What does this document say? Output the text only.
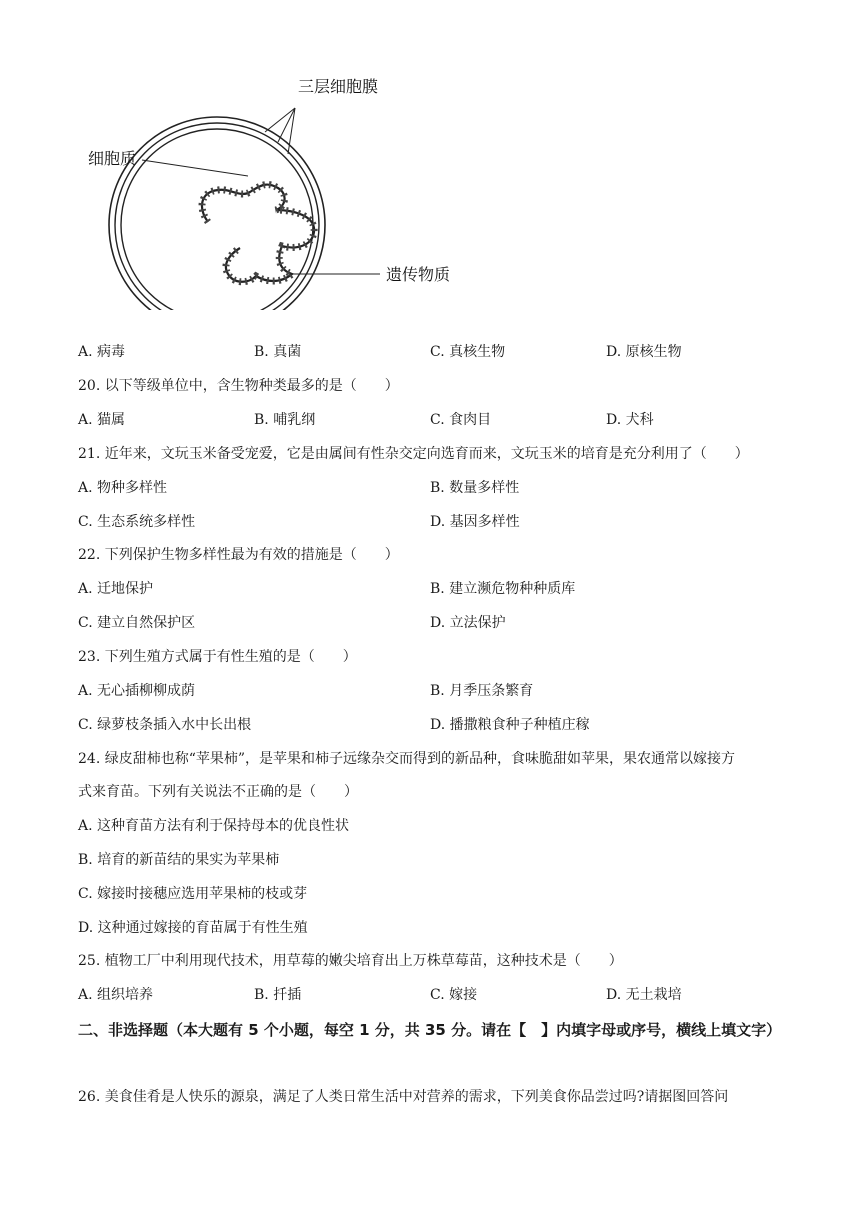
三层细胞膜
细胞质
遗传物质
A. 病毒	B. 真菌	C. 真核生物	D. 原核生物
20. 以下等级单位中，含生物种类最多的是（　　）
A. 猫属	B. 哺乳纲	C. 食肉目	D. 犬科
21. 近年来，文玩玉米备受宠爱，它是由属间有性杂交定向选育而来，文玩玉米的培育是充分利用了（　　）
A. 物种多样性	B. 数量多样性
C. 生态系统多样性	D. 基因多样性
22. 下列保护生物多样性最为有效的措施是（　　）
A. 迁地保护	B. 建立濒危物种种质库
C. 建立自然保护区	D. 立法保护
23. 下列生殖方式属于有性生殖的是（　　）
A. 无心插柳柳成荫	B. 月季压条繁育
C. 绿萝枝条插入水中长出根	D. 播撒粮食种子种植庄稼
24. 绿皮甜柿也称“苹果柿”，是苹果和柿子远缘杂交而得到的新品种，食味脆甜如苹果，果农通常以嫁接方
式来育苗。下列有关说法不正确的是（　　）
A. 这种育苗方法有利于保持母本的优良性状
B. 培育的新苗结的果实为苹果柿
C. 嫁接时接穗应选用苹果柿的枝或芽
D. 这种通过嫁接的育苗属于有性生殖
25. 植物工厂中利用现代技术，用草莓的嫩尖培育出上万株草莓苗，这种技术是（　　）
A. 组织培养	B. 扦插	C. 嫁接	D. 无土栽培
二、非选择题（本大题有 5 个小题，每空 1 分，共 35 分。请在【　】内填字母或序号，横线上填文字）
26. 美食佳肴是人快乐的源泉，满足了人类日常生活中对营养的需求，下列美食你品尝过吗?请据图回答问
